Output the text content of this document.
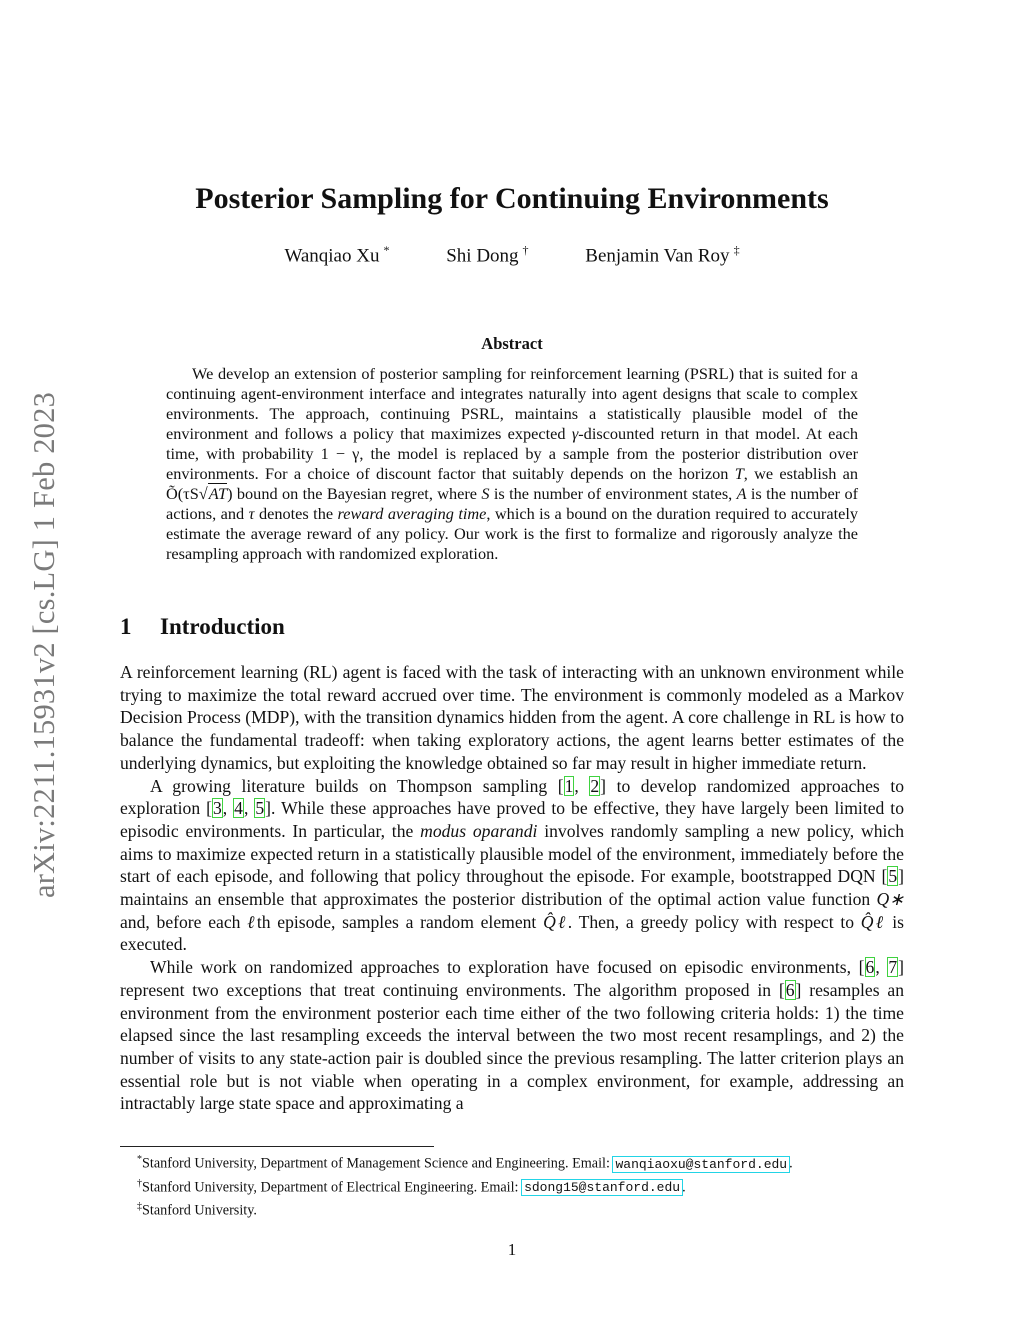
arXiv:2211.15931v2 [cs.LG] 1 Feb 2023
Posterior Sampling for Continuing Environments
Wanqiao Xu *	Shi Dong †	Benjamin Van Roy ‡
Abstract

We develop an extension of posterior sampling for reinforcement learning (PSRL) that is suited for a continuing agent-environment interface and integrates naturally into agent designs that scale to complex environments. The approach, continuing PSRL, maintains a statistically plausible model of the environment and follows a policy that maximizes expected γ-discounted return in that model. At each time, with probability 1 − γ, the model is replaced by a sample from the posterior distribution over environments. For a choice of discount factor that suitably depends on the horizon T, we establish an Õ(τS√AT) bound on the Bayesian regret, where S is the number of environment states, A is the number of actions, and τ denotes the reward averaging time, which is a bound on the duration required to accurately estimate the average reward of any policy. Our work is the first to formalize and rigorously analyze the resampling approach with randomized exploration.

1 Introduction

A reinforcement learning (RL) agent is faced with the task of interacting with an unknown environment while trying to maximize the total reward accrued over time. The environment is commonly modeled as a Markov Decision Process (MDP), with the transition dynamics hidden from the agent. A core challenge in RL is how to balance the fundamental tradeoff: when taking exploratory actions, the agent learns better estimates of the underlying dynamics, but exploiting the knowledge obtained so far may result in higher immediate return.

A growing literature builds on Thompson sampling [1, 2] to develop randomized approaches to exploration [3, 4, 5]. While these approaches have proved to be effective, they have largely been limited to episodic environments. In particular, the modus oparandi involves randomly sampling a new policy, which aims to maximize expected return in a statistically plausible model of the environment, immediately before the start of each episode, and following that policy throughout the episode. For example, bootstrapped DQN [5] maintains an ensemble that approximates the posterior distribution of the optimal action value function Q∗ and, before each ℓth episode, samples a random element Q̂ℓ. Then, a greedy policy with respect to Q̂ℓ is executed.

While work on randomized approaches to exploration have focused on episodic environments, [6, 7] represent two exceptions that treat continuing environments. The algorithm proposed in [6] resamples an environment from the environment posterior each time either of the two following criteria holds: 1) the time elapsed since the last resampling exceeds the interval between the two most recent resamplings, and 2) the number of visits to any state-action pair is doubled since the previous resampling. The latter criterion plays an essential role but is not viable when operating in a complex environment, for example, addressing an intractably large state space and approximating a

*Stanford University, Department of Management Science and Engineering. Email: wanqiaoxu@stanford.edu .
†Stanford University, Department of Electrical Engineering. Email: sdong15@stanford.edu .
‡Stanford University.
1
